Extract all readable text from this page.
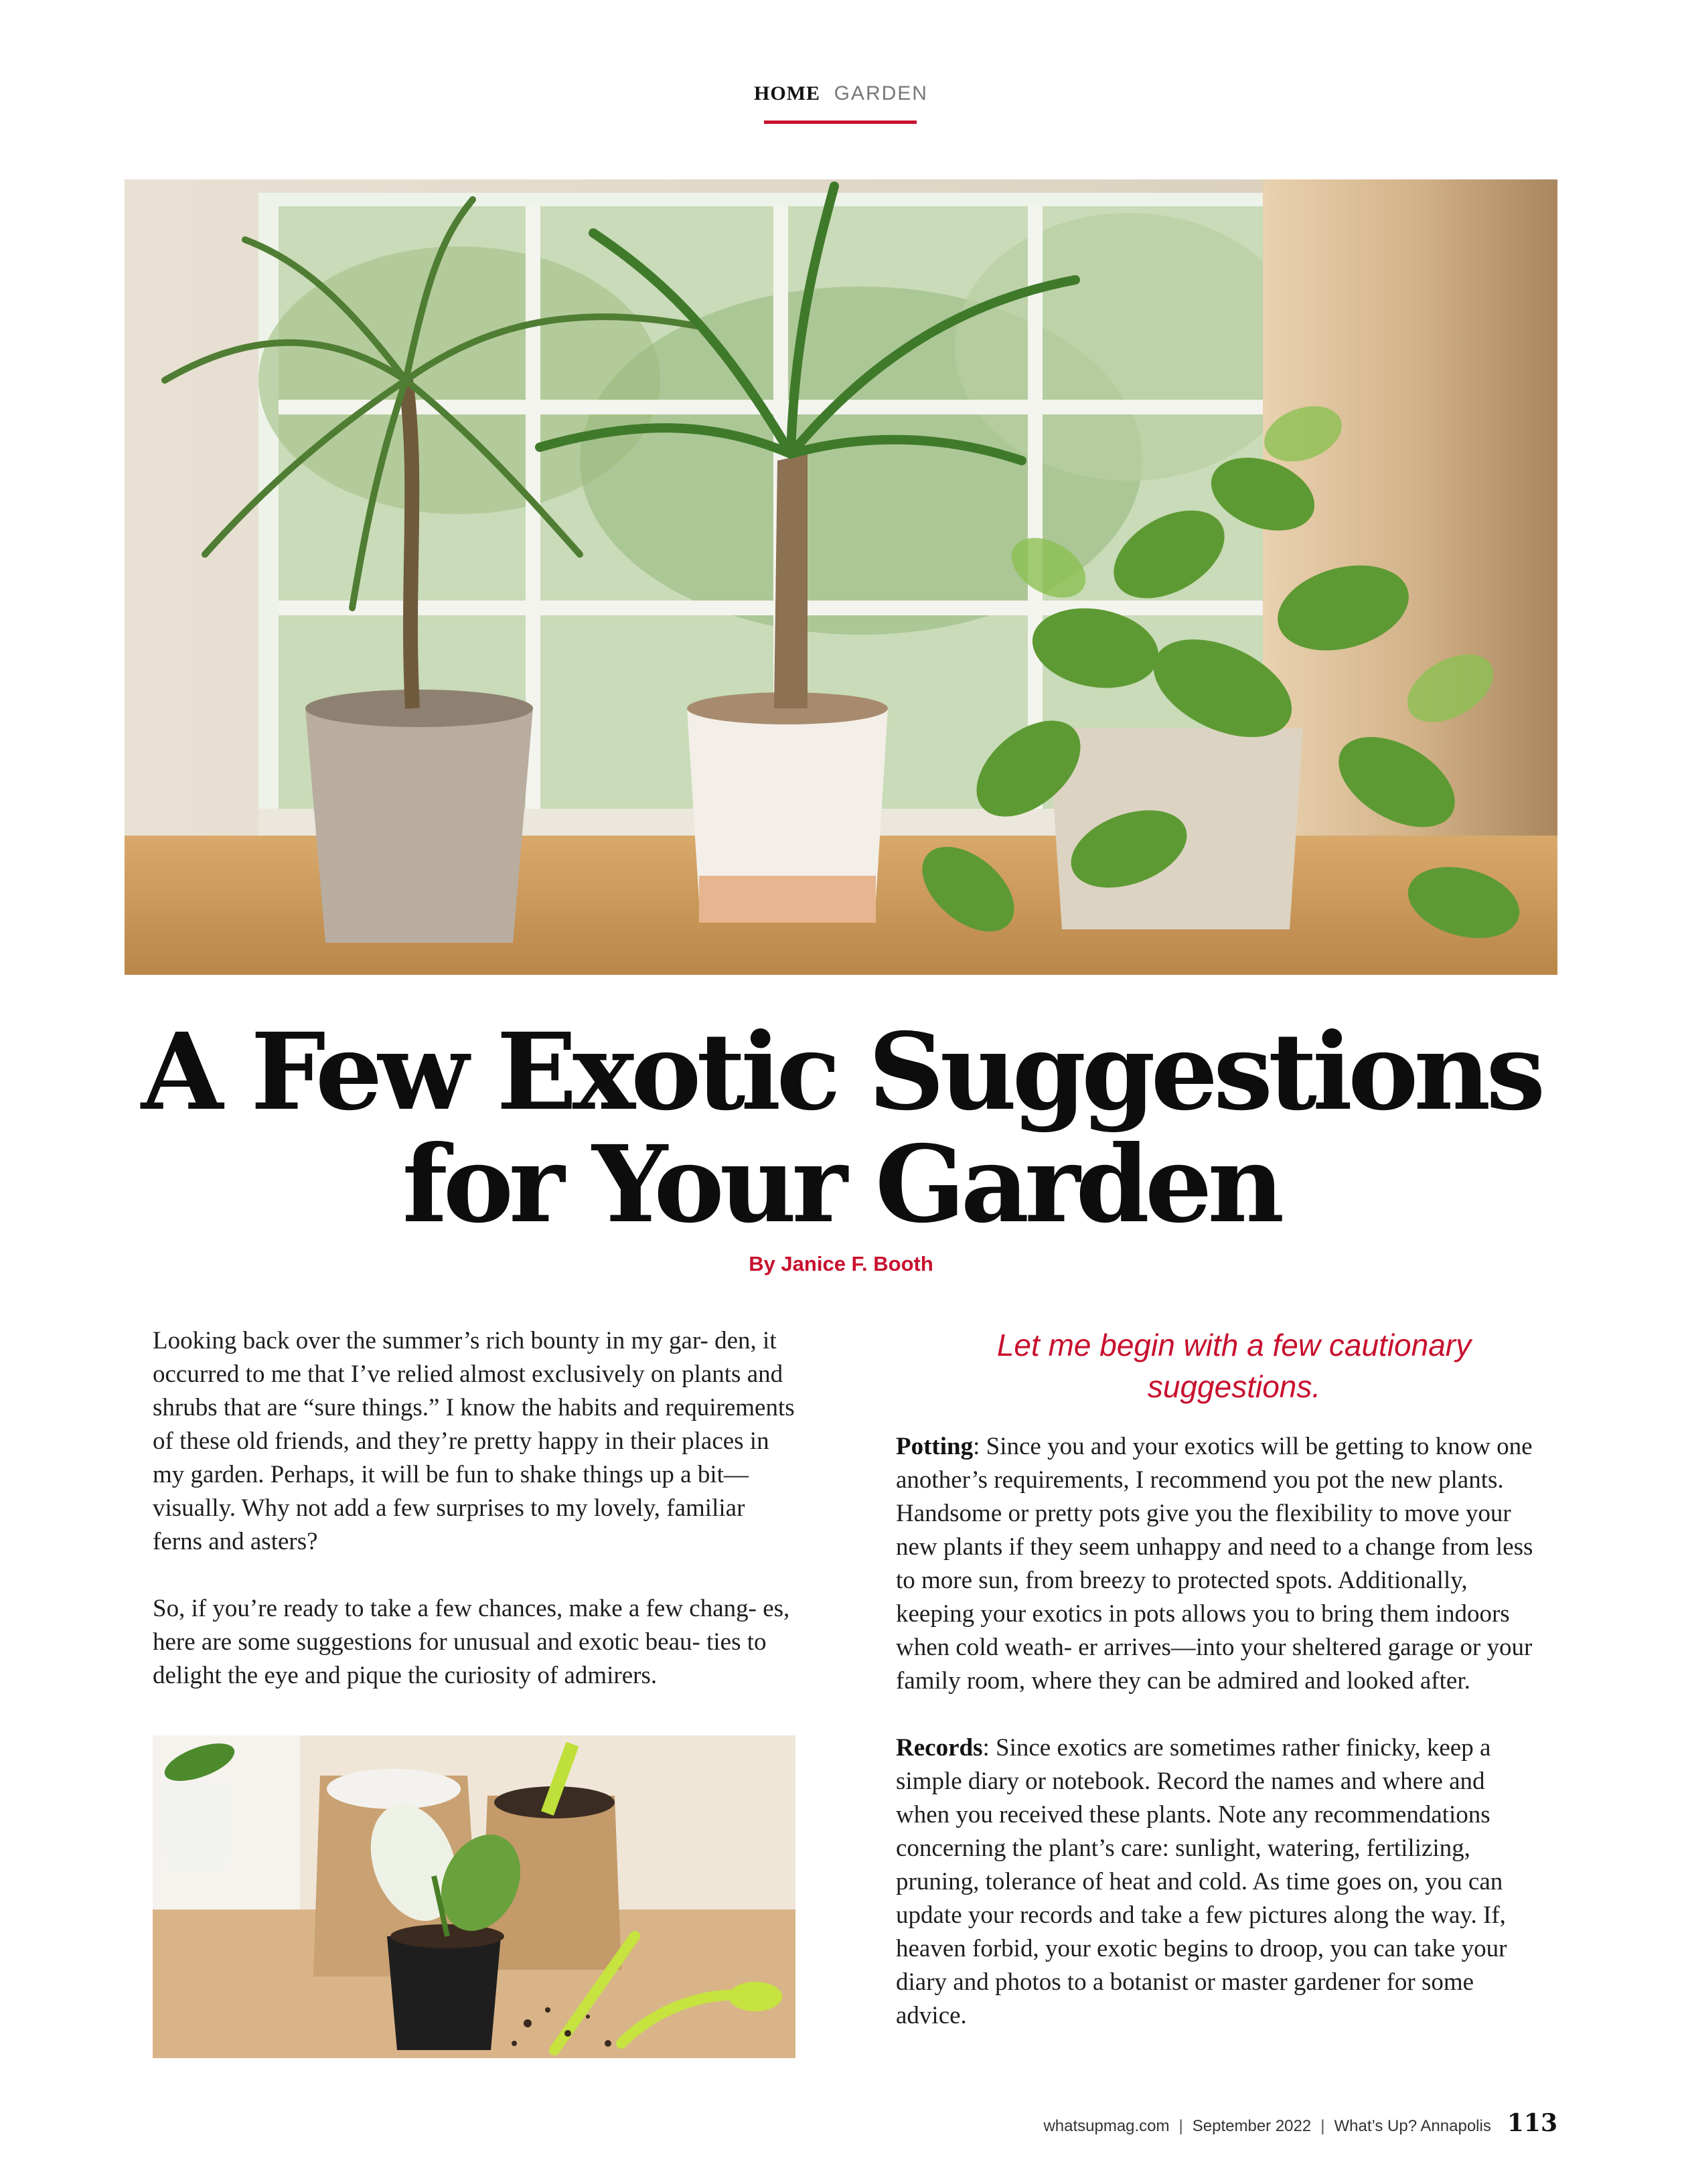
HOME GARDEN
A Few Exotic Suggestions
for Your Garden
By Janice F. Booth

Looking back over the summer’s rich bounty in my gar- den, it occurred to me that I’ve relied almost exclusively on plants and shrubs that are “sure things.” I know the habits and requirements of these old friends, and they’re pretty happy in their places in my garden. Perhaps, it will be fun to shake things up a bit—visually. Why not add a few surprises to my lovely, familiar ferns and asters?

So, if you’re ready to take a few chances, make a few chang- es, here are some suggestions for unusual and exotic beau- ties to delight the eye and pique the curiosity of admirers.

Let me begin with a few cautionary suggestions.

Potting: Since you and your exotics will be getting to know one another’s requirements, I recommend you pot the new plants. Handsome or pretty pots give you the flexibility to move your new plants if they seem unhappy and need to a change from less to more sun, from breezy to protected spots. Additionally, keeping your exotics in pots allows you to bring them indoors when cold weath- er arrives—into your sheltered garage or your family room, where they can be admired and looked after.

Records: Since exotics are sometimes rather finicky, keep a simple diary or notebook. Record the names and where and when you received these plants. Note any recommendations concerning the plant’s care: sunlight, watering, fertilizing, pruning, tolerance of heat and cold. As time goes on, you can update your records and take a few pictures along the way. If, heaven forbid, your exotic begins to droop, you can take your diary and photos to a botanist or master gardener for some advice.

whatsupmag.com | September 2022 | What’s Up? Annapolis 113
